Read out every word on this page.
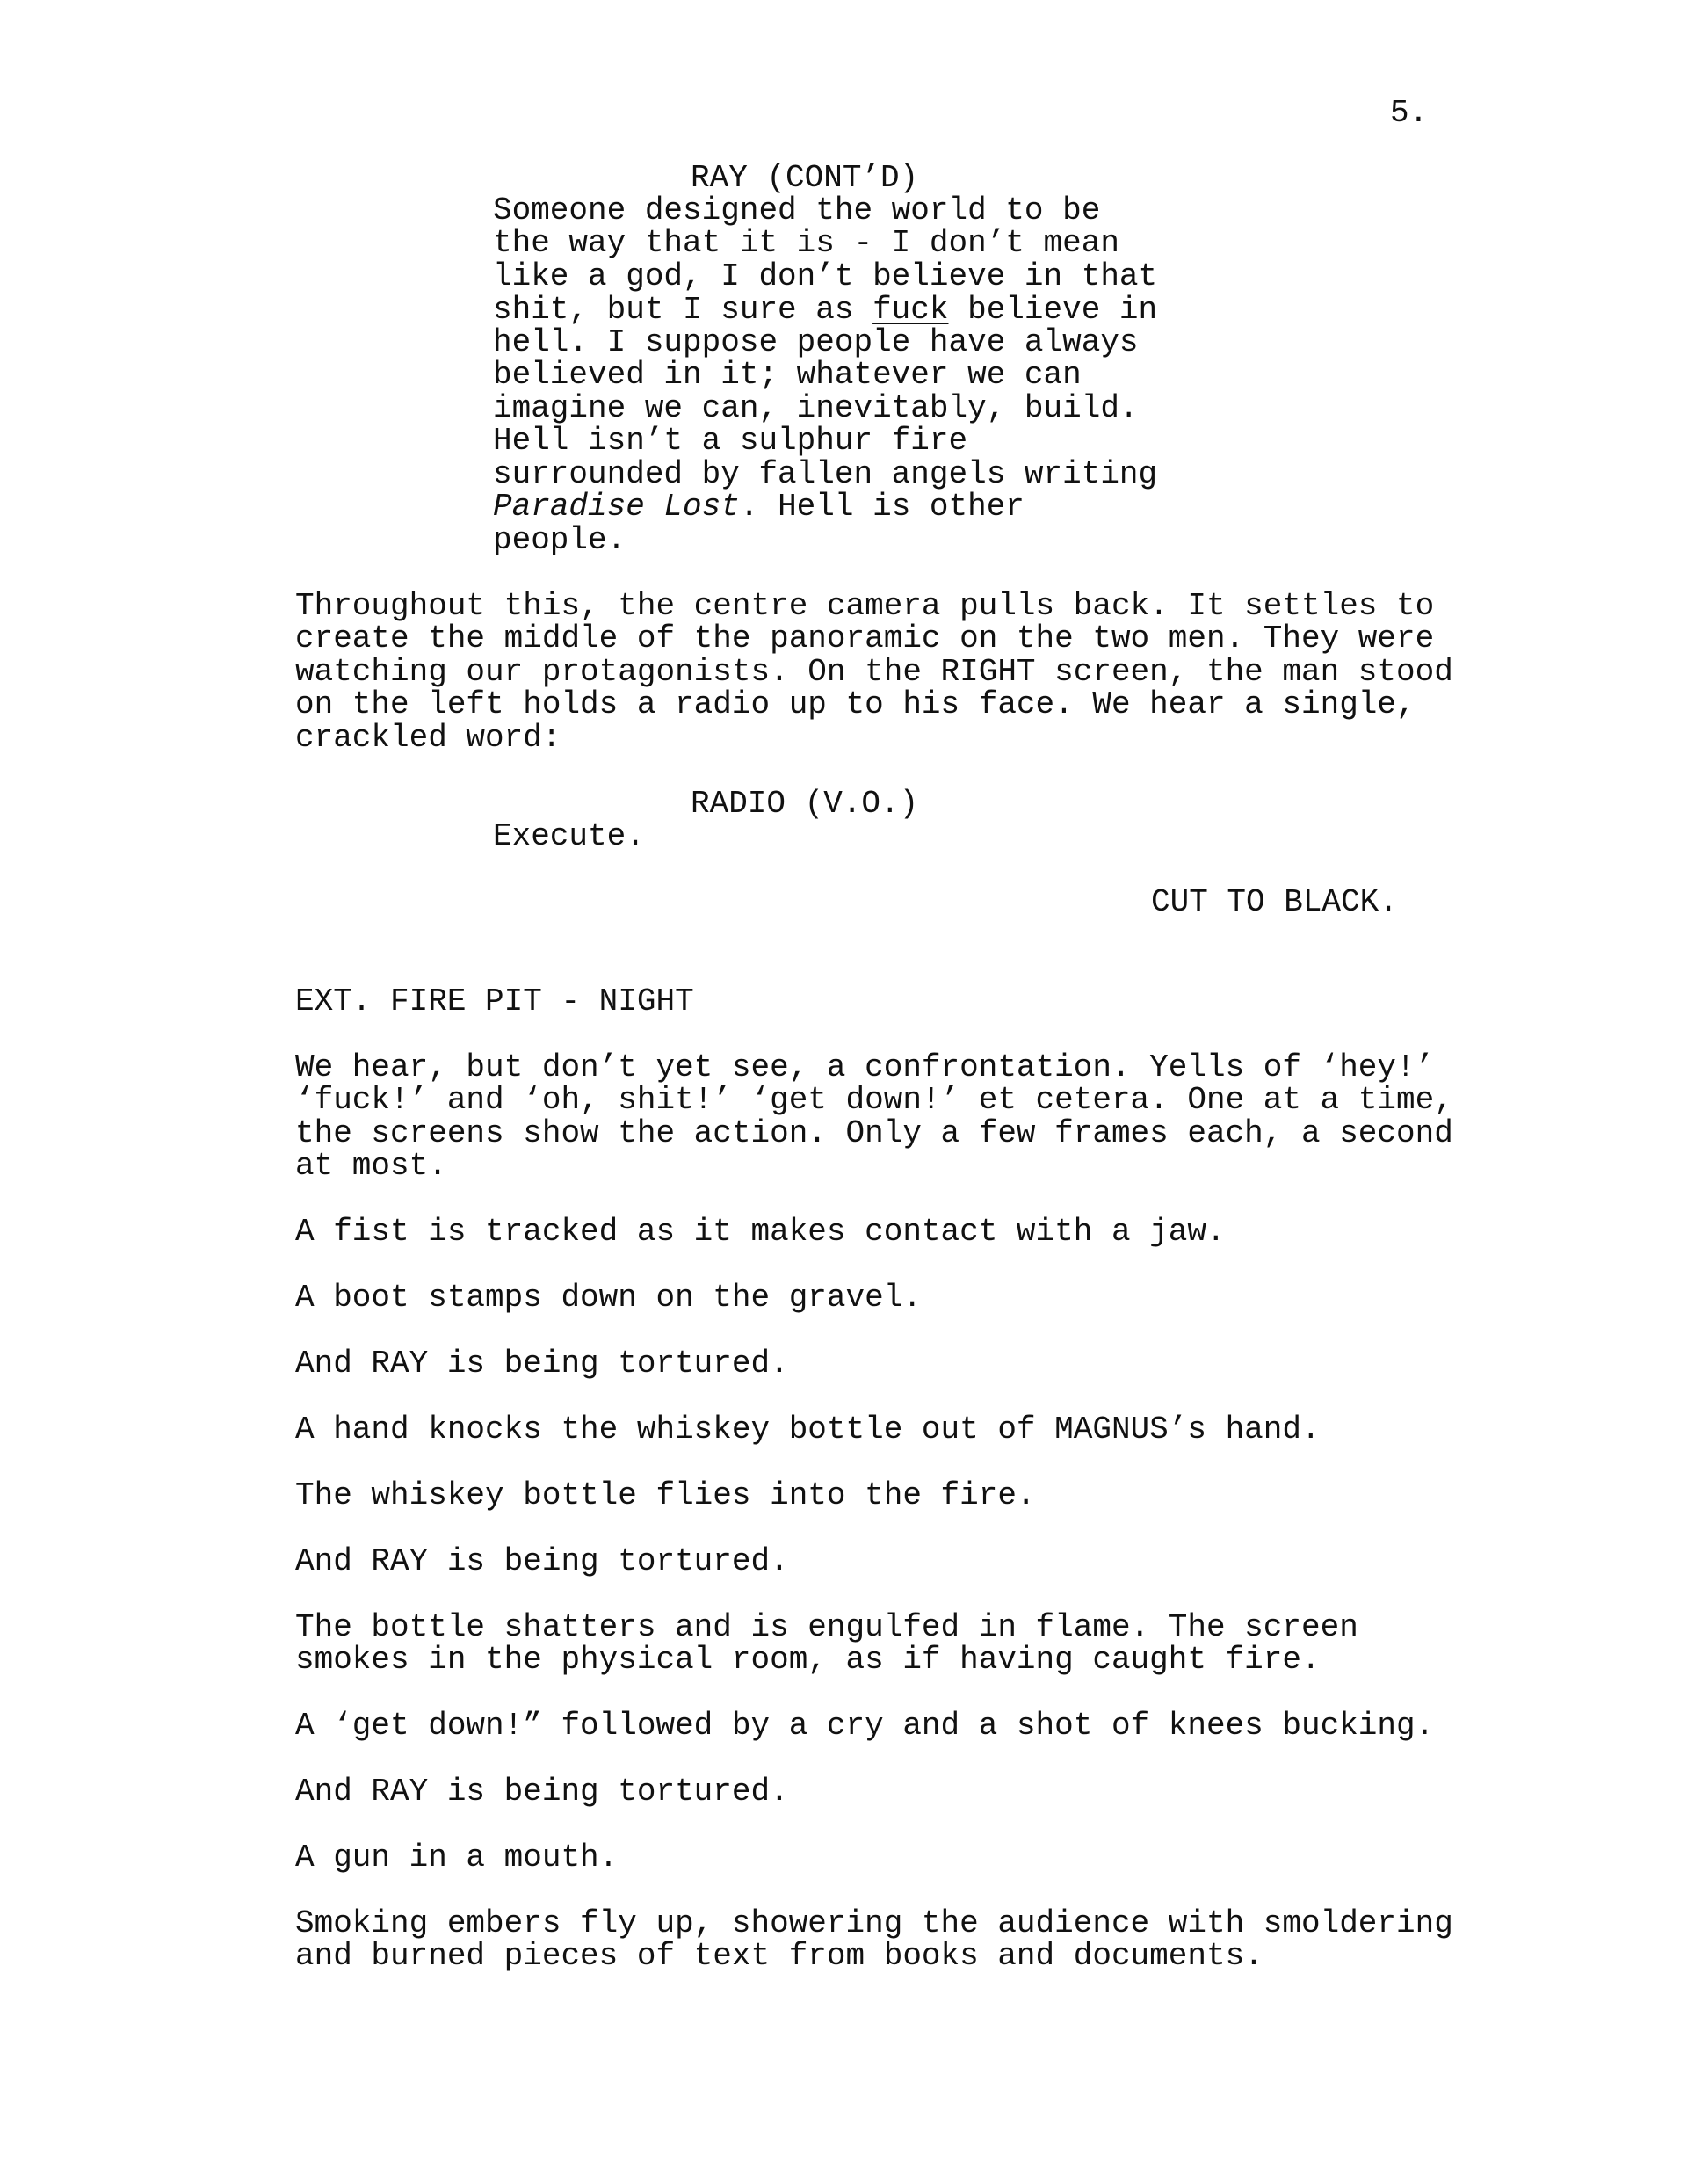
5.
RAY (CONT’D)
Someone designed the world to be
the way that it is - I don’t mean
like a god, I don’t believe in that
shit, but I sure as fuck believe in
hell. I suppose people have always
believed in it; whatever we can
imagine we can, inevitably, build.
Hell isn’t a sulphur fire
surrounded by fallen angels writing
Paradise Lost. Hell is other
people.
Throughout this, the centre camera pulls back. It settles to
create the middle of the panoramic on the two men. They were
watching our protagonists. On the RIGHT screen, the man stood
on the left holds a radio up to his face. We hear a single,
crackled word:
RADIO (V.O.)
Execute.
CUT TO BLACK.
EXT. FIRE PIT - NIGHT
We hear, but don’t yet see, a confrontation. Yells of ‘hey!’
‘fuck!’ and ‘oh, shit!’ ‘get down!’ et cetera. One at a time,
the screens show the action. Only a few frames each, a second
at most.
A fist is tracked as it makes contact with a jaw.
A boot stamps down on the gravel.
And RAY is being tortured.
A hand knocks the whiskey bottle out of MAGNUS’s hand.
The whiskey bottle flies into the fire.
And RAY is being tortured.
The bottle shatters and is engulfed in flame. The screen
smokes in the physical room, as if having caught fire.
A ‘get down!” followed by a cry and a shot of knees bucking.
And RAY is being tortured.
A gun in a mouth.
Smoking embers fly up, showering the audience with smoldering
and burned pieces of text from books and documents.
